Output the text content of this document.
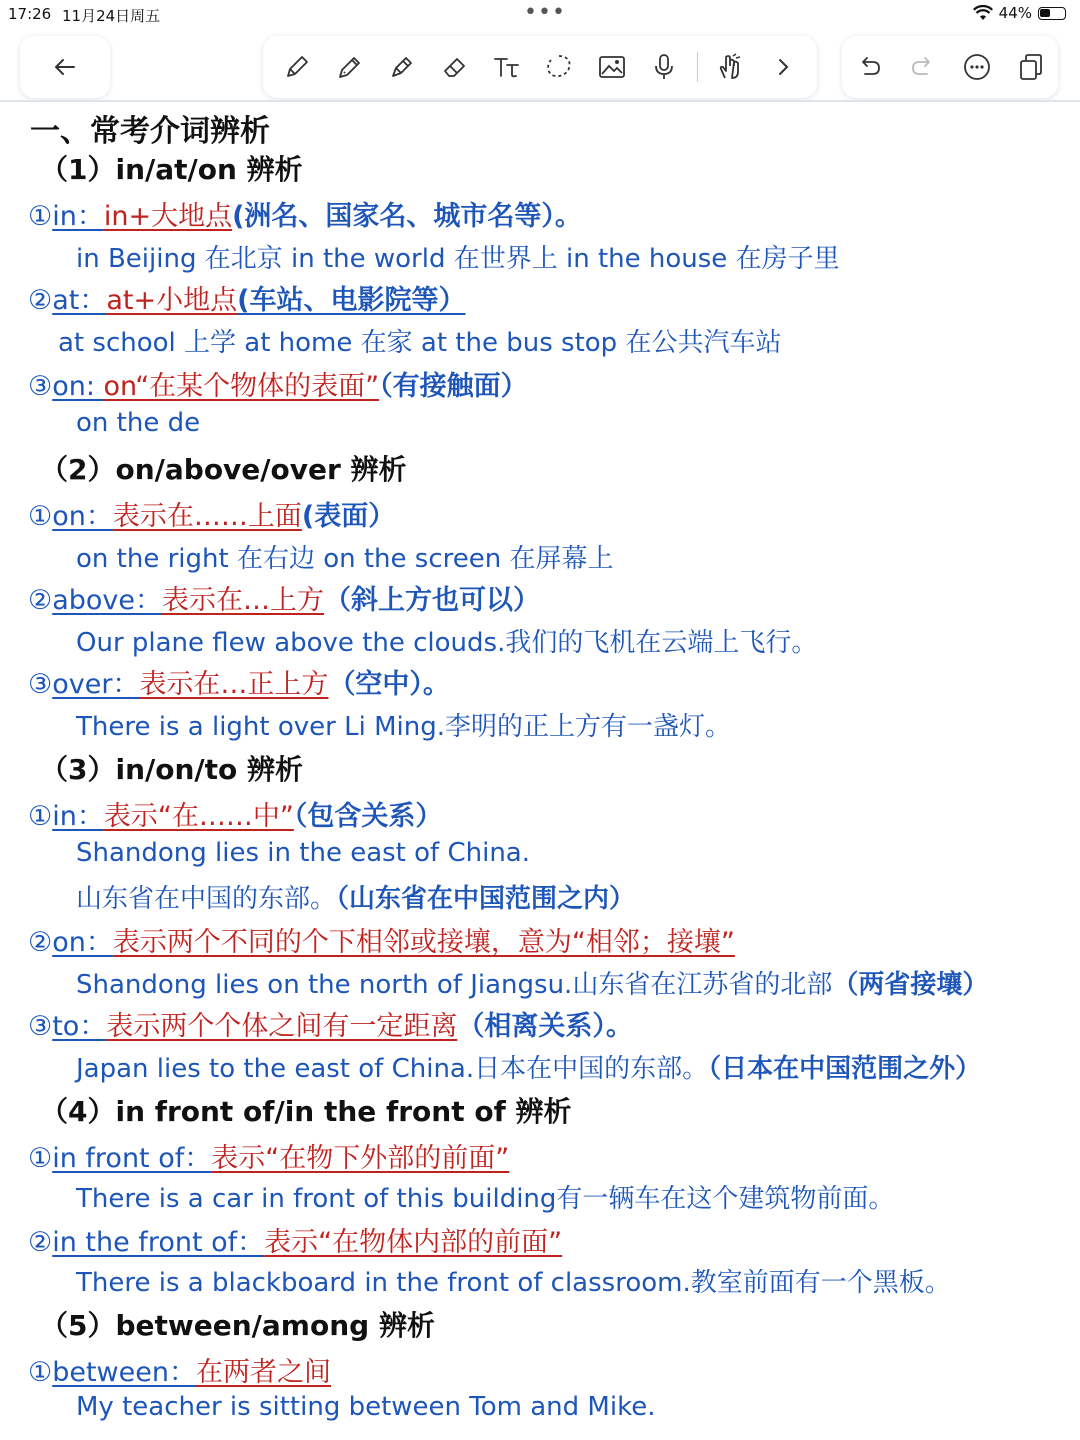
17:26 11月24日周五	•••	44%
一、常考介词辨析
（1）in/at/on 辨析
①in：in+大地点(洲名、国家名、城市名等）。
in Beijing 在北京 in the world 在世界上 in the house 在房子里
②at：at+小地点(车站、电影院等）
at school 上学 at home 在家 at the bus stop 在公共汽车站
③on: on“在某个物体的表面”（有接触面）
on the de
（2）on/above/over 辨析
①on：表示在……上面(表面）
on the right 在右边 on the screen 在屏幕上
②above：表示在…上方（斜上方也可以）
Our plane flew above the clouds.我们的飞机在云端上飞行。
③over：表示在…正上方（空中）。
There is a light over Li Ming.李明的正上方有一盏灯。
（3）in/on/to 辨析
①in：表示“在……中”（包含关系）
Shandong lies in the east of China.
山东省在中国的东部。（山东省在中国范围之内）
②on：表示两个不同的个下相邻或接壤，意为“相邻；接壤”
Shandong lies on the north of Jiangsu.山东省在江苏省的北部（两省接壤）
③to：表示两个个体之间有一定距离（相离关系）。
Japan lies to the east of China.日本在中国的东部。（日本在中国范围之外）
（4）in front of/in the front of 辨析
①in front of：表示“在物下外部的前面”
There is a car in front of this building有一辆车在这个建筑物前面。
②in the front of：表示“在物体内部的前面”
There is a blackboard in the front of classroom.教室前面有一个黑板。
（5）between/among 辨析
①between：在两者之间
My teacher is sitting between Tom and Mike.
